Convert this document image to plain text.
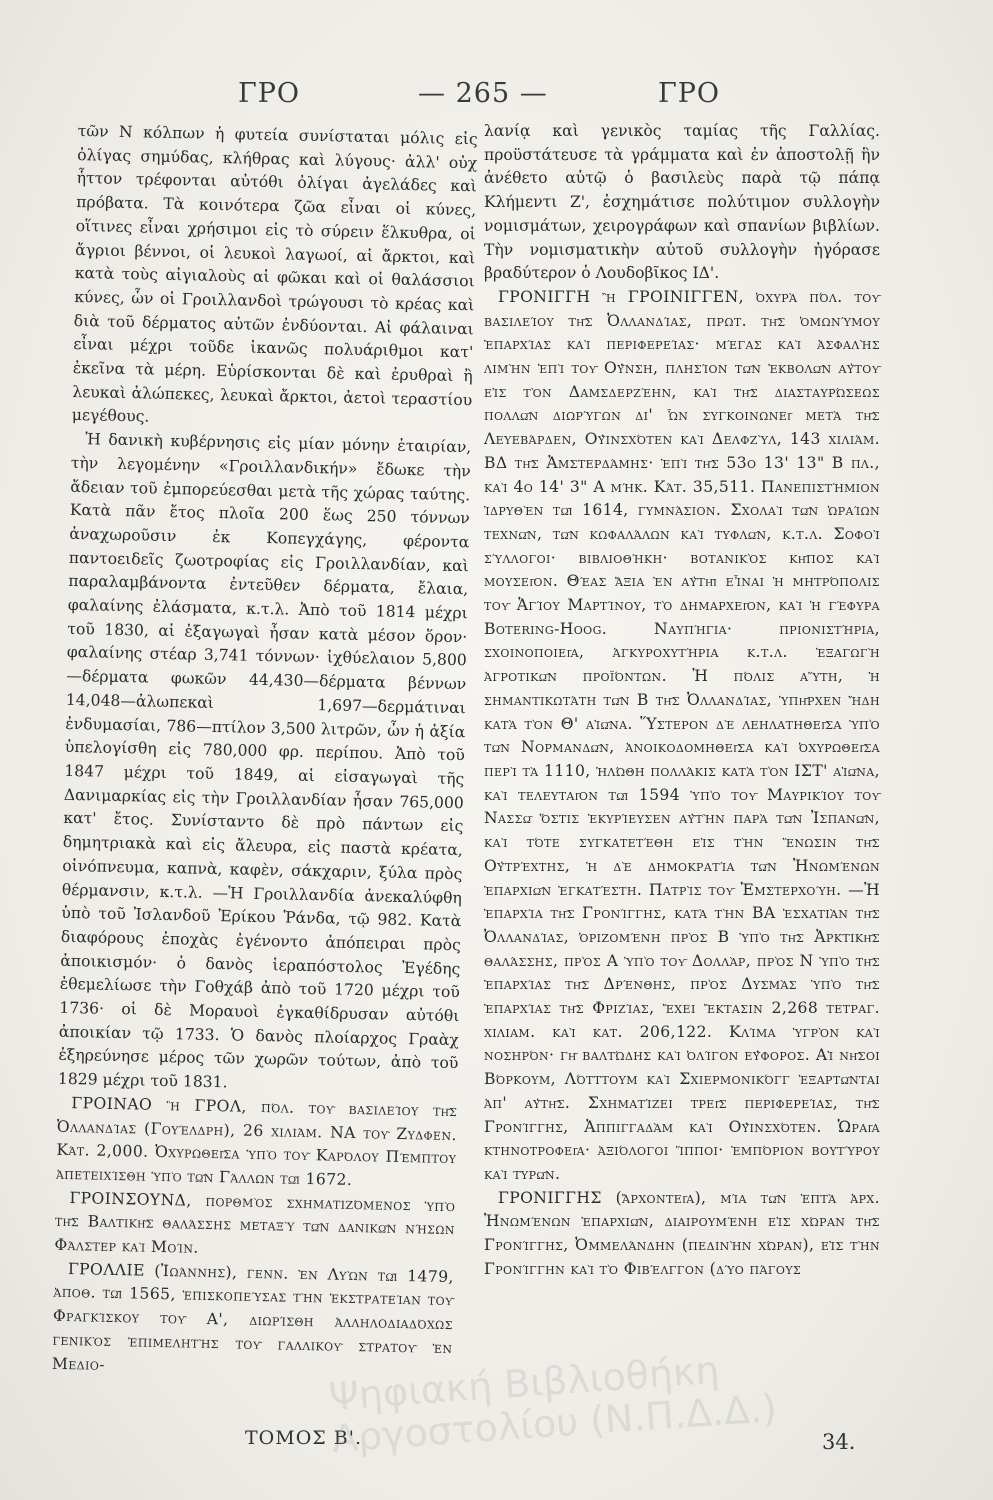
ΓΡΟ	— 265 —	ΓΡΟ

τῶν Ν κόλπων ἡ φυτεία συνίσταται μόλις εἰς ὀλίγας σημύδας, κλήθρας καὶ λύγους· ἀλλ' οὐχ ἧττον τρέφονται αὐτόθι ὀλίγαι ἀγελάδες καὶ πρόβατα. Τὰ κοινότερα ζῶα εἶναι οἱ κύνες, οἵτινες εἶναι χρήσιμοι εἰς τὸ σύρειν ἕλκυθρα, οἱ ἄγριοι βέννοι, οἱ λευκοὶ λαγωοί, αἱ ἄρκτοι, καὶ κατὰ τοὺς αἰγιαλοὺς αἱ φῶκαι καὶ οἱ θαλάσσιοι κύνες, ὧν οἱ Γροιλλανδοὶ τρώγουσι τὸ κρέας καὶ διὰ τοῦ δέρματος αὐτῶν ἐνδύονται. Αἱ φάλαιναι εἶναι μέχρι τοῦδε ἱκανῶς πολυάριθμοι κατ' ἐκεῖνα τὰ μέρη. Εὑρίσκονται δὲ καὶ ἐρυθραὶ ἢ λευκαὶ ἀλώπεκες, λευκαὶ ἄρκτοι, ἀετοὶ τεραστίου μεγέθους.

Ἡ δανικὴ κυβέρνησις εἰς μίαν μόνην ἑταιρίαν, τὴν λεγομένην «Γροιλλανδικήν» ἔδωκε τὴν ἄδειαν τοῦ ἐμπορεύεσθαι μετὰ τῆς χώρας ταύτης. Κατὰ πᾶν ἔτος πλοῖα 200 ἕως 250 τόννων ἀναχωροῦσιν ἐκ Κοπεγχάγης, φέροντα παντοειδεῖς ζωοτροφίας εἰς Γροιλλανδίαν, καὶ παραλαμβάνοντα ἐντεῦθεν δέρματα, ἔλαια, φαλαίνης ἐλάσματα, κ.τ.λ. Ἀπὸ τοῦ 1814 μέχρι τοῦ 1830, αἱ ἐξαγωγαὶ ἦσαν κατὰ μέσον ὅρον· φαλαίνης στέαρ 3,741 τόννων· ἰχθύελαιον 5,800 —δέρματα φωκῶν 44,430—δέρματα βέννων 14,048—ἀλωπεκαὶ 1,697—δερμάτιναι ἐνδυμασίαι, 786—πτίλον 3,500 λιτρῶν, ὧν ἡ ἀξία ὑπελογίσθη εἰς 780,000 φρ. περίπου. Ἀπὸ τοῦ 1847 μέχρι τοῦ 1849, αἱ εἰσαγωγαὶ τῆς Δανιμαρκίας εἰς τὴν Γροιλλανδίαν ἦσαν 765,000 κατ' ἔτος. Συνίσταντο δὲ πρὸ πάντων εἰς δημητριακὰ καὶ εἰς ἄλευρα, εἰς παστὰ κρέατα, οἰνόπνευμα, καπνὰ, καφὲν, σάκχαριν, ξύλα πρὸς θέρμανσιν, κ.τ.λ. —Ἡ Γροιλλανδία ἀνεκαλύφθη ὑπὸ τοῦ Ἰσλανδοῦ Ἐρίκου Ῥάνδα, τῷ 982. Κατὰ διαφόρους ἐποχὰς ἐγένοντο ἀπόπειραι πρὸς ἀποικισμόν· ὁ δανὸς ἱεραπόστολος Ἐγέδης ἐθεμελίωσε τὴν Γοθχάβ ἀπὸ τοῦ 1720 μέχρι τοῦ 1736· οἱ δὲ Μοραυοὶ ἐγκαθίδρυσαν αὐτόθι ἀποικίαν τῷ 1733. Ὁ δανὸς πλοίαρχος Γραὰχ ἐξηρεύνησε μέρος τῶν χωρῶν τούτων, ἀπὸ τοῦ 1829 μέχρι τοῦ 1831.

ΓΡΟΙΝΑΟ ἢ ΓΡΟΛ, πόλ. τοῦ βασιλείου τῆς Ὀλλανδίας (Γουέλδρη), 26 χιλιάμ. ΝΑ τοῦ Ζυδφεν. Κάτ. 2,000. Ὀχυρωθεῖσα ὑπὸ τοῦ Καρόλου Πέμπτου ἀπετειχίσθη ὑπὸ τῶν Γάλλων τῷ 1672.

ΓΡΟΙΝΣΟΥΝΔ, πορθμὸς σχηματιζόμενος ὑπὸ τῆς Βαλτικῆς θαλάσσης μεταξὺ τῶν δανικῶν νήσων Φάλστερ καὶ Μοίν.

ΓΡΟΛΛΙΕ (Ἰωάννης), γενν. ἐν Λυὼν τῷ 1479, ἀποθ. τῷ 1565, ἐπισκοπεύσας τὴν ἐκστρατείαν τοῦ Φραγκίσκου τοῦ Α', διωρίσθη ἀλληλοδιαδόχως γενικὸς ἐπιμελητὴς τοῦ γαλλικοῦ στρατοῦ ἐν Μεδιο-

λανίᾳ καὶ γενικὸς ταμίας τῆς Γαλλίας. προϋστάτευσε τὰ γράμματα καὶ ἐν ἀποστολῇ ἣν ἀνέθετο αὐτῷ ὁ βασιλεὺς παρὰ τῷ πάπᾳ Κλήμεντι Ζ', ἐσχημάτισε πολύτιμον συλλογὴν νομισμάτων, χειρογράφων καὶ σπανίων βιβλίων. Τὴν νομισματικὴν αὐτοῦ συλλογὴν ἠγόρασε βραδύτερον ὁ Λουδοβῖκος ΙΔ'.

ΓΡΟΝΙΓΓΗ ἢ ΓΡΟΙΝΙΓΓΕΝ, ὀχυρὰ πόλ. τοῦ βασιλείου τῆς Ὀλλανδίας, πρωτ. τῆς ὁμωνύμου ἐπαρχίας καὶ περιφερείας· μέγας καὶ ἀσφαλὴς λιμὴν ἐπὶ τοῦ Οὔνση, πλησίον τῶν ἐκβολῶν αὐτοῦ εἰς τὸν Δαμσδερζέην, καὶ τῆς διασταυρώσεως πολλῶν διωρύγων δι' ὧν συγκοινωνεῖ μετὰ τῆς Λευεβάρδεν, Οὔινσχότεν καὶ Δελφζὺλ, 143 χιλιάμ. ΒΔ τῆς Ἀμστερδάμης· ἐπὶ τῆς 53ο 13' 13" Β πλ., καὶ 4ο 14' 3" Α μήκ. Κάτ. 35,511. Πανεπιστήμιον ἱδρυθὲν τῷ 1614, γυμνάσιον. Σχολαὶ τῶν ὡραίων τεχνῶν, τῶν κωφαλάλων καὶ τυφλῶν, κ.τ.λ. Σοφοὶ σύλλογοι· βιβλιοθήκη· βοτανικὸς κῆπος καὶ μουσεῖον. Θέας ἄξια ἐν αὐτῇ εἶναι ἡ μητρόπολις τοῦ Ἁγίου Μαρτίνου, τὸ δημαρχεῖον, καὶ ἡ γέφυρα Botering-Hoog. Ναυπήγια· πριονιστήρια, σχοινοποιεῖα, ἀγκυροχυτήρια κ.τ.λ. ἐξαγωγὴ ἀγροτικῶν προϊόντων. Ἡ πόλις αὕτη, ἡ σημαντικωτάτη τῶν Β τῆς Ὀλλανδίας, ὑπῆρχεν ἤδη κατὰ τὸν Θ' αἰῶνα. Ὕστερον δὲ λεηλατηθεῖσα ὑπὸ τῶν Νορμανδῶν, ἀνοικοδομηθεῖσα καὶ ὀχυρωθεῖσα περὶ τὰ 1110, ἡλώθη πολλάκις κατὰ τὸν ΙΣΤ' αἰῶνα, καὶ τελευταῖον τῷ 1594 ὑπὸ τοῦ Μαυρικίου τοῦ Νασσῶ ὅστις ἐκυρίευσεν αὐτὴν παρὰ τῶν Ἰσπανῶν, καὶ τότε συγκατετέθη εἰς τὴν ἕνωσιν τῆς Οὐτρέχτης, ἡ δὲ δημοκρατία τῶν Ἡνωμένων ἐπαρχιῶν ἐγκατέστη. Πατρὶς τοῦ Ἐμστερχούη. —Ἡ ἐπαρχία τῆς Γρονίγγης, κατὰ τὴν ΒΑ ἐσχατιὰν τῆς Ὀλλανδίας, ὁριζομένη πρὸς Β ὑπὸ τῆς Ἀρκτικῆς θαλάσσης, πρὸς Α ὑπὸ τοῦ Δολλὰρ, πρὸς Ν ὑπὸ τῆς ἐπαρχίας τῆς Δρένθης, πρὸς Δυσμὰς ὑπὸ τῆς ἐπαρχίας τῆς Φριζίας, ἔχει ἔκτασιν 2,268 τετραγ. χιλιαμ. καὶ κατ. 206,122. Κλίμα ὑγρὸν καὶ νοσηρόν· γῆ βαλτώδης καὶ ὀλίγον εὔφορος. Αἱ νῆσοι Βόρκουμ, Λότττουμ καὶ Σχιερμονικόγγ ἐξαρτῶνται ἀπ' αὐτῆς. Σχηματίζει τρεῖς περιφερείας, τῆς Γρονίγγης, Ἀππιγγαδὰμ καὶ Οὔινσχότεν. Ὡραῖα κτηνοτροφεῖα· ἀξιόλογοι ἵπποι· ἐμπόριον βουτύρου καὶ τυρῶν.

ΓΡΟΝΙΓΓΗΣ (ἄρχοντεῖα), μία τῶν ἑπτὰ ἀρχ. Ἡνωμένων ἐπαρχιῶν, διαιρουμένη εἰς χώραν τῆς Γρονίγγης, Ὀμμελάνδην (πεδινὴν χώραν), εἰς τὴν Γρονίγγην καὶ τὸ Φιβέλγγον (δύο πάγους

ΤΟΜΟΣ Β'.	34.
Ψηφιακή Βιβλιοθήκη Αργοστολίου (Ν.Π.Δ.Δ.)
